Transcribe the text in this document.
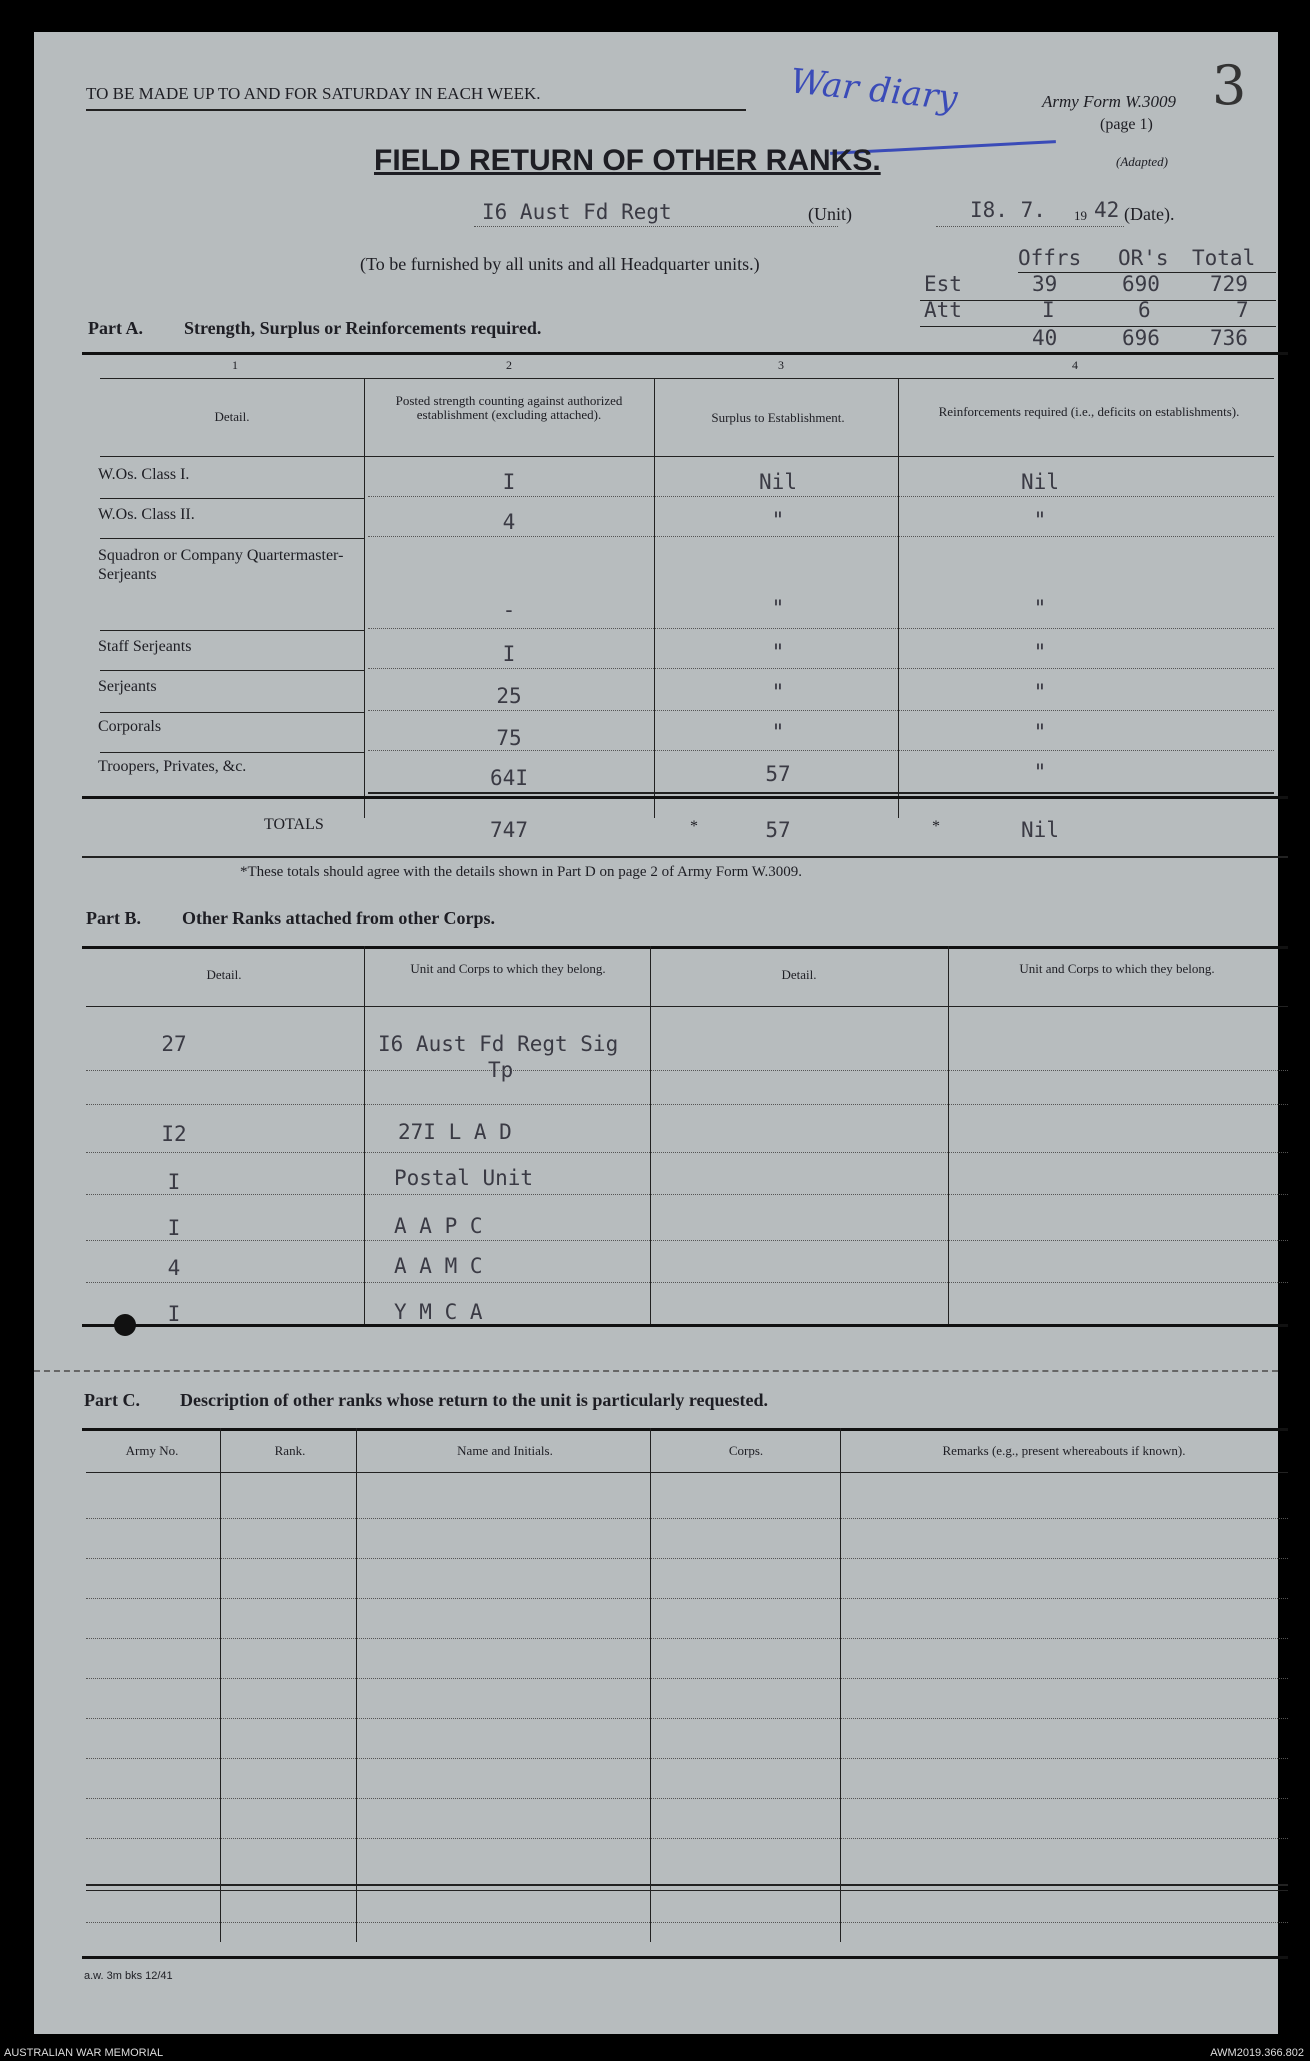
TO BE MADE UP TO AND FOR SATURDAY IN EACH WEEK.	War diary	Army Form W.3009
(page 1)
(Adapted)
3
FIELD RETURN OF OTHER RANKS.
I6 Aust Fd Regt	(Unit)	I8. 7. 19 42 (Date).
(To be furnished by all units and all Headquarter units.)	Offrs OR's Total
Est	39	690 729
Att	I	6	7
40	696 736
Part A. Strength, Surplus or Reinforcements required.
1	2	3	4
Detail.
Posted strength counting against authorized establishment (excluding attached).	Surplus to Establishment.	Reinforcements required (i.e., deficits on establishments).
W.Os. Class I.	I	Nil	Nil
W.Os. Class II.	4	"	"
Squadron or Company Quartermaster-Serjeants
-	"	"
Staff Serjeants	I	"	"
Serjeants	25	"	"
Corporals	75	"	"
Troopers, Privates, &c.	64I	57	"
TOTALS	747	*	57	*	Nil
*These totals should agree with the details shown in Part D on page 2 of Army Form W.3009.
Part B. Other Ranks attached from other Corps.
Detail.	Unit and Corps to which they belong.	Detail.	Unit and Corps to which they belong.
27	I6 Aust Fd Regt Sig
Tp
I2	27I L A D
I	Postal Unit
I	A A P C
4	A A M C
I	Y M C A
Part C. Description of other ranks whose return to the unit is particularly requested.
Army No.	Rank.	Name and Initials.	Corps.	Remarks (e.g., present whereabouts if known).
a.w. 3m bks 12/41
AUSTRALIAN WAR MEMORIAL	AWM2019.366.802
